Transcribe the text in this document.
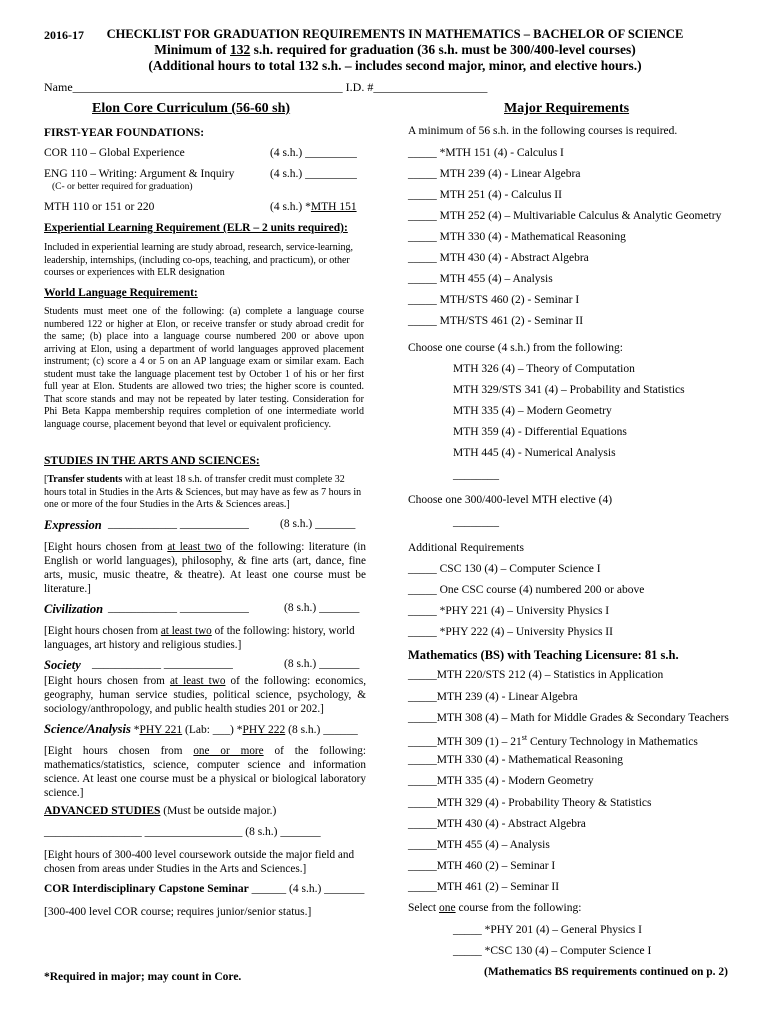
2016-17	CHECKLIST FOR GRADUATION REQUIREMENTS IN MATHEMATICS – BACHELOR OF SCIENCE
Minimum of 132 s.h. required for graduation (36 s.h. must be 300/400-level courses)
(Additional hours to total 132 s.h. – includes second major, minor, and elective hours.)
Name_____________________________________________ I.D. #___________________
Elon Core Curriculum (56-60 sh)
FIRST-YEAR FOUNDATIONS:
COR 110 – Global Experience	(4 s.h.) _________
ENG 110 – Writing: Argument & Inquiry	(4 s.h.) _________
(C- or better required for graduation)
MTH 110 or 151 or 220	(4 s.h.) *MTH 151
Experiential Learning Requirement (ELR – 2 units required):
Included in experiential learning are study abroad, research, service-learning, leadership, internships, (including co-ops, teaching, and practicum), or other courses or experiences with ELR designation
World Language Requirement:
Students must meet one of the following: (a) complete a language course numbered 122 or higher at Elon, or receive transfer or study abroad credit for the same; (b) place into a language course numbered 200 or above upon arriving at Elon, using a department of world languages approved placement instrument; (c) score a 4 or 5 on an AP language exam or similar exam. Each student must take the language placement test by October 1 of his or her first full year at Elon. Students are allowed two tries; the higher score is counted. That score stands and may not be repeated by later testing. Consideration for Phi Beta Kappa membership requires completion of one intermediate world language course, placement beyond that level or equivalent proficiency.
STUDIES IN THE ARTS AND SCIENCES:
[Transfer students with at least 18 s.h. of transfer credit must complete 32 hours total in Studies in the Arts & Sciences, but may have as few as 7 hours in one or more of the four Studies in the Arts & Sciences areas.]
Expression ____________ ____________	(8 s.h.) _______
[Eight hours chosen from at least two of the following: literature (in English or world languages), philosophy, & fine arts (art, dance, fine arts, music, music theatre, & theatre). At least one course must be literature.]
Civilization ____________ ____________	(8 s.h.) _______
[Eight hours chosen from at least two of the following: history, world languages, art history and religious studies.]
Society ____________ ____________	(8 s.h.) _______
[Eight hours chosen from at least two of the following: economics, geography, human service studies, political science, psychology, & sociology/anthropology, and public health studies 201 or 202.]
Science/Analysis *PHY 221 (Lab: ___) *PHY 222 (8 s.h.) ______
[Eight hours chosen from one or more of the following: mathematics/statistics, science, computer science and information science. At least one course must be a physical or biological laboratory science.]
ADVANCED STUDIES (Must be outside major.)
_________________ _________________ (8 s.h.) _______
[Eight hours of 300-400 level coursework outside the major field and chosen from areas under Studies in the Arts and Sciences.]
COR Interdisciplinary Capstone Seminar ______ (4 s.h.) _______
[300-400 level COR course; requires junior/senior status.]
*Required in major; may count in Core.
Major Requirements
A minimum of 56 s.h. in the following courses is required.
_____ *MTH 151 (4) - Calculus I
_____ MTH 239 (4) - Linear Algebra
_____ MTH 251 (4) - Calculus II
_____ MTH 252 (4) – Multivariable Calculus & Analytic Geometry
_____ MTH 330 (4) - Mathematical Reasoning
_____ MTH 430 (4) - Abstract Algebra
_____ MTH 455 (4) – Analysis
_____ MTH/STS 460 (2) - Seminar I
_____ MTH/STS 461 (2) - Seminar II
Choose one course (4 s.h.) from the following:
MTH 326 (4) – Theory of Computation
MTH 329/STS 341 (4) – Probability and Statistics
MTH 335 (4) – Modern Geometry
MTH 359 (4) - Differential Equations
MTH 445 (4) - Numerical Analysis
________
Choose one 300/400-level MTH elective (4)
________
Additional Requirements
_____ CSC 130 (4) – Computer Science I
_____ One CSC course (4) numbered 200 or above
_____ *PHY 221 (4) – University Physics I
_____ *PHY 222 (4) – University Physics II
Mathematics (BS) with Teaching Licensure: 81 s.h.
_____MTH 220/STS 212 (4) – Statistics in Application
_____MTH 239 (4) - Linear Algebra
_____MTH 308 (4) – Math for Middle Grades & Secondary Teachers
_____MTH 309 (1) – 21st Century Technology in Mathematics
_____MTH 330 (4) - Mathematical Reasoning
_____MTH 335 (4) - Modern Geometry
_____MTH 329 (4) - Probability Theory & Statistics
_____MTH 430 (4) - Abstract Algebra
_____MTH 455 (4) – Analysis
_____MTH 460 (2) – Seminar I
_____MTH 461 (2) – Seminar II
Select one course from the following:
_____ *PHY 201 (4) – General Physics I
_____ *CSC 130 (4) – Computer Science I
(Mathematics BS requirements continued on p. 2)
